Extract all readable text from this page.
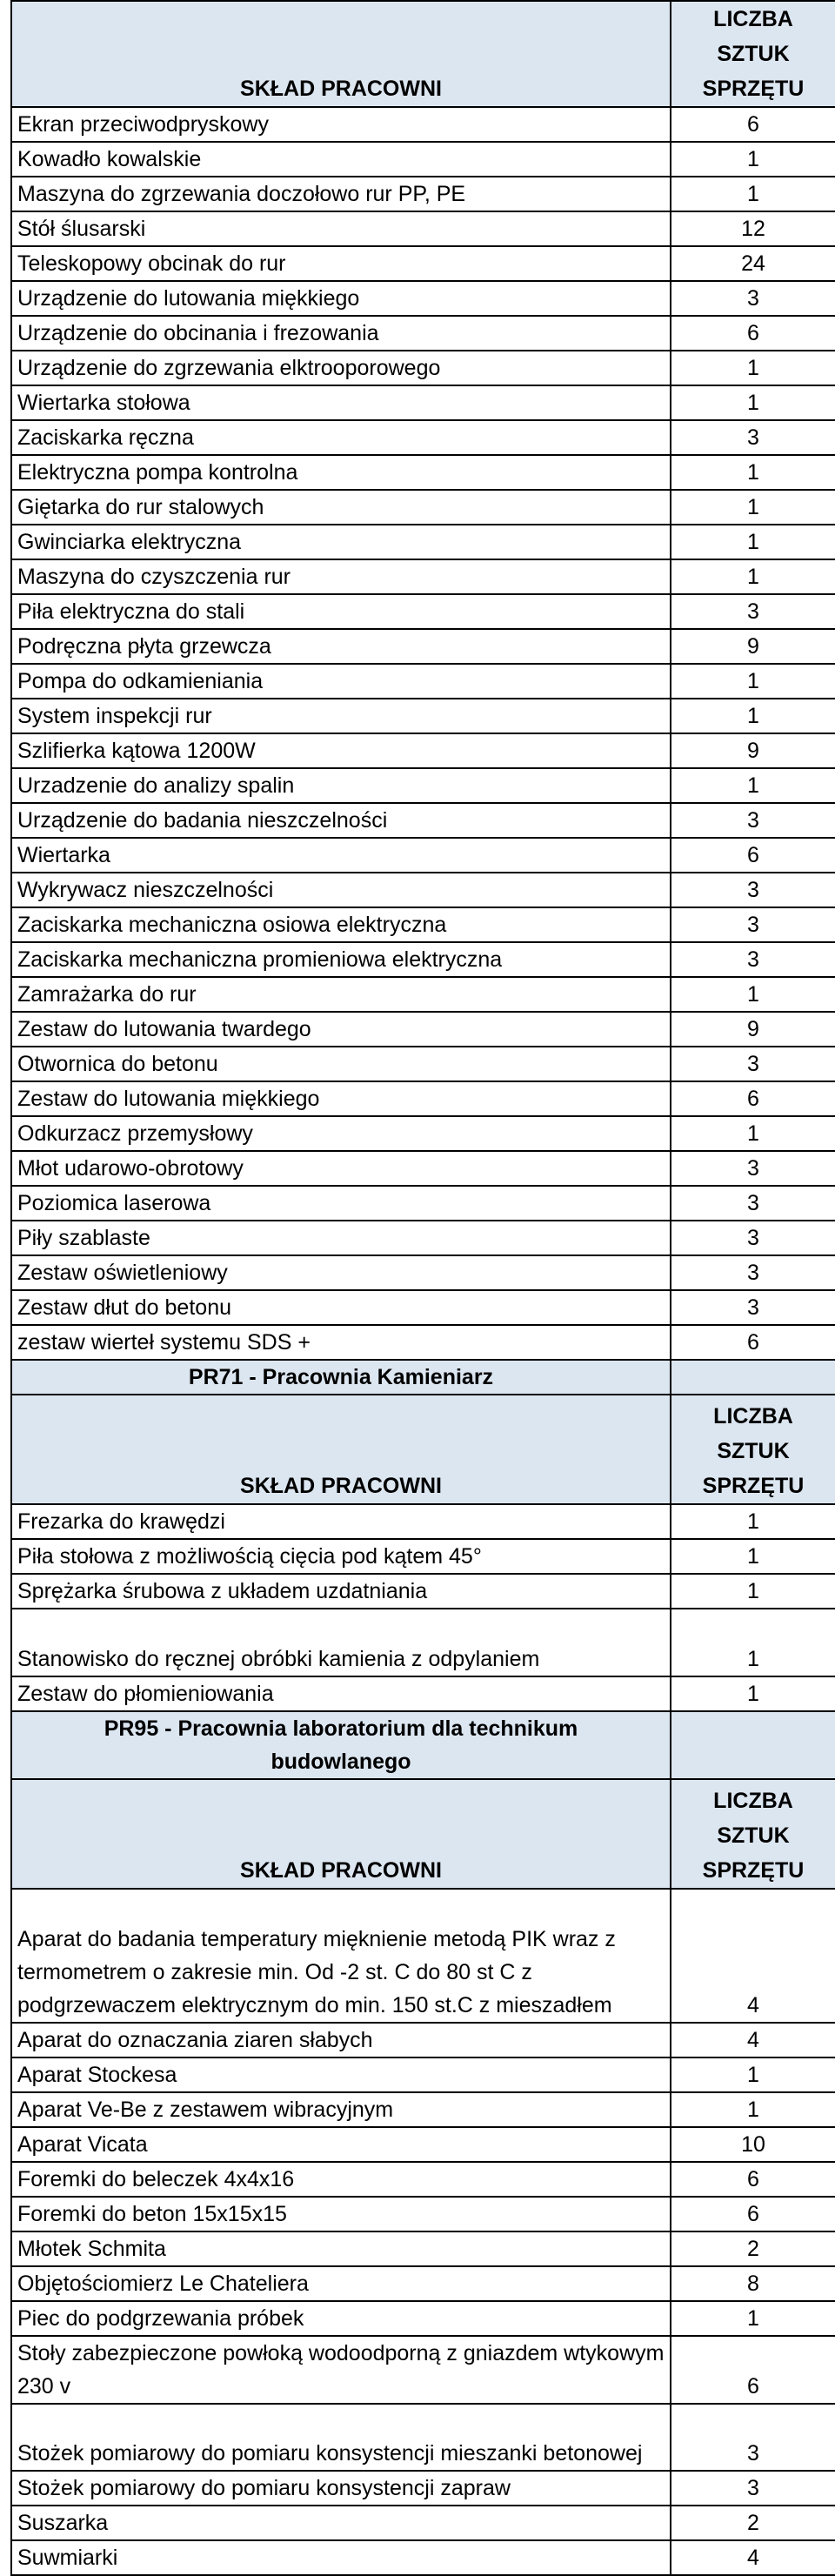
SKŁAD PRACOWNI	LICZBA
SZTUK
SPRZĘTU

Ekran przeciwodpryskowy	6
Kowadło kowalskie	1
Maszyna do zgrzewania doczołowo rur PP, PE	1
Stół ślusarski	12
Teleskopowy obcinak do rur	24
Urządzenie do lutowania miękkiego	3
Urządzenie do obcinania i frezowania	6
Urządzenie do zgrzewania elktrooporowego	1
Wiertarka stołowa	1
Zaciskarka ręczna	3
Elektryczna pompa kontrolna	1
Giętarka do rur stalowych	1
Gwinciarka elektryczna	1
Maszyna do czyszczenia rur	1
Piła elektryczna do stali	3
Podręczna płyta grzewcza	9
Pompa do odkamieniania	1
System inspekcji rur	1
Szlifierka kątowa 1200W	9
Urzadzenie do analizy spalin	1
Urządzenie do badania nieszczelności	3
Wiertarka	6
Wykrywacz nieszczelności	3
Zaciskarka mechaniczna osiowa elektryczna	3
Zaciskarka mechaniczna promieniowa elektryczna	3
Zamrażarka do rur	1
Zestaw do lutowania twardego	9
Otwornica do betonu	3
Zestaw do lutowania miękkiego	6
Odkurzacz przemysłowy	1
Młot udarowo-obrotowy	3
Poziomica laserowa	3
Piły szablaste	3
Zestaw oświetleniowy	3
Zestaw dłut do betonu	3
zestaw wierteł systemu SDS +	6
PR71 - Pracownia Kamieniarz	
SKŁAD PRACOWNI	LICZBA
SZTUK
SPRZĘTU

Frezarka do krawędzi	1
Piła stołowa z możliwością cięcia pod kątem 45°	1
Sprężarka śrubowa z układem uzdatniania	1
Stanowisko do ręcznej obróbki kamienia z odpylaniem	1
Zestaw do płomieniowania	1
PR95 - Pracownia laboratorium dla technikum budowlanego	
SKŁAD PRACOWNI	LICZBA
SZTUK
SPRZĘTU

Aparat do badania temperatury mięknienie metodą PIK wraz z termometrem o zakresie min. Od -2 st. C do 80 st C z podgrzewaczem elektrycznym do min. 150 st.C z mieszadłem	4
Aparat do oznaczania ziaren słabych	4
Aparat Stockesa	1
Aparat Ve-Be z zestawem wibracyjnym	1
Aparat Vicata	10
Foremki do beleczek 4x4x16	6
Foremki do beton 15x15x15	6
Młotek Schmita	2
Objętościomierz Le Chateliera	8
Piec do podgrzewania próbek	1
Stoły zabezpieczone powłoką wodoodporną z gniazdem wtykowym 230 v	6
Stożek pomiarowy do pomiaru konsystencji mieszanki betonowej	3
Stożek pomiarowy do pomiaru konsystencji zapraw	3
Suszarka	2
Suwmiarki	4
